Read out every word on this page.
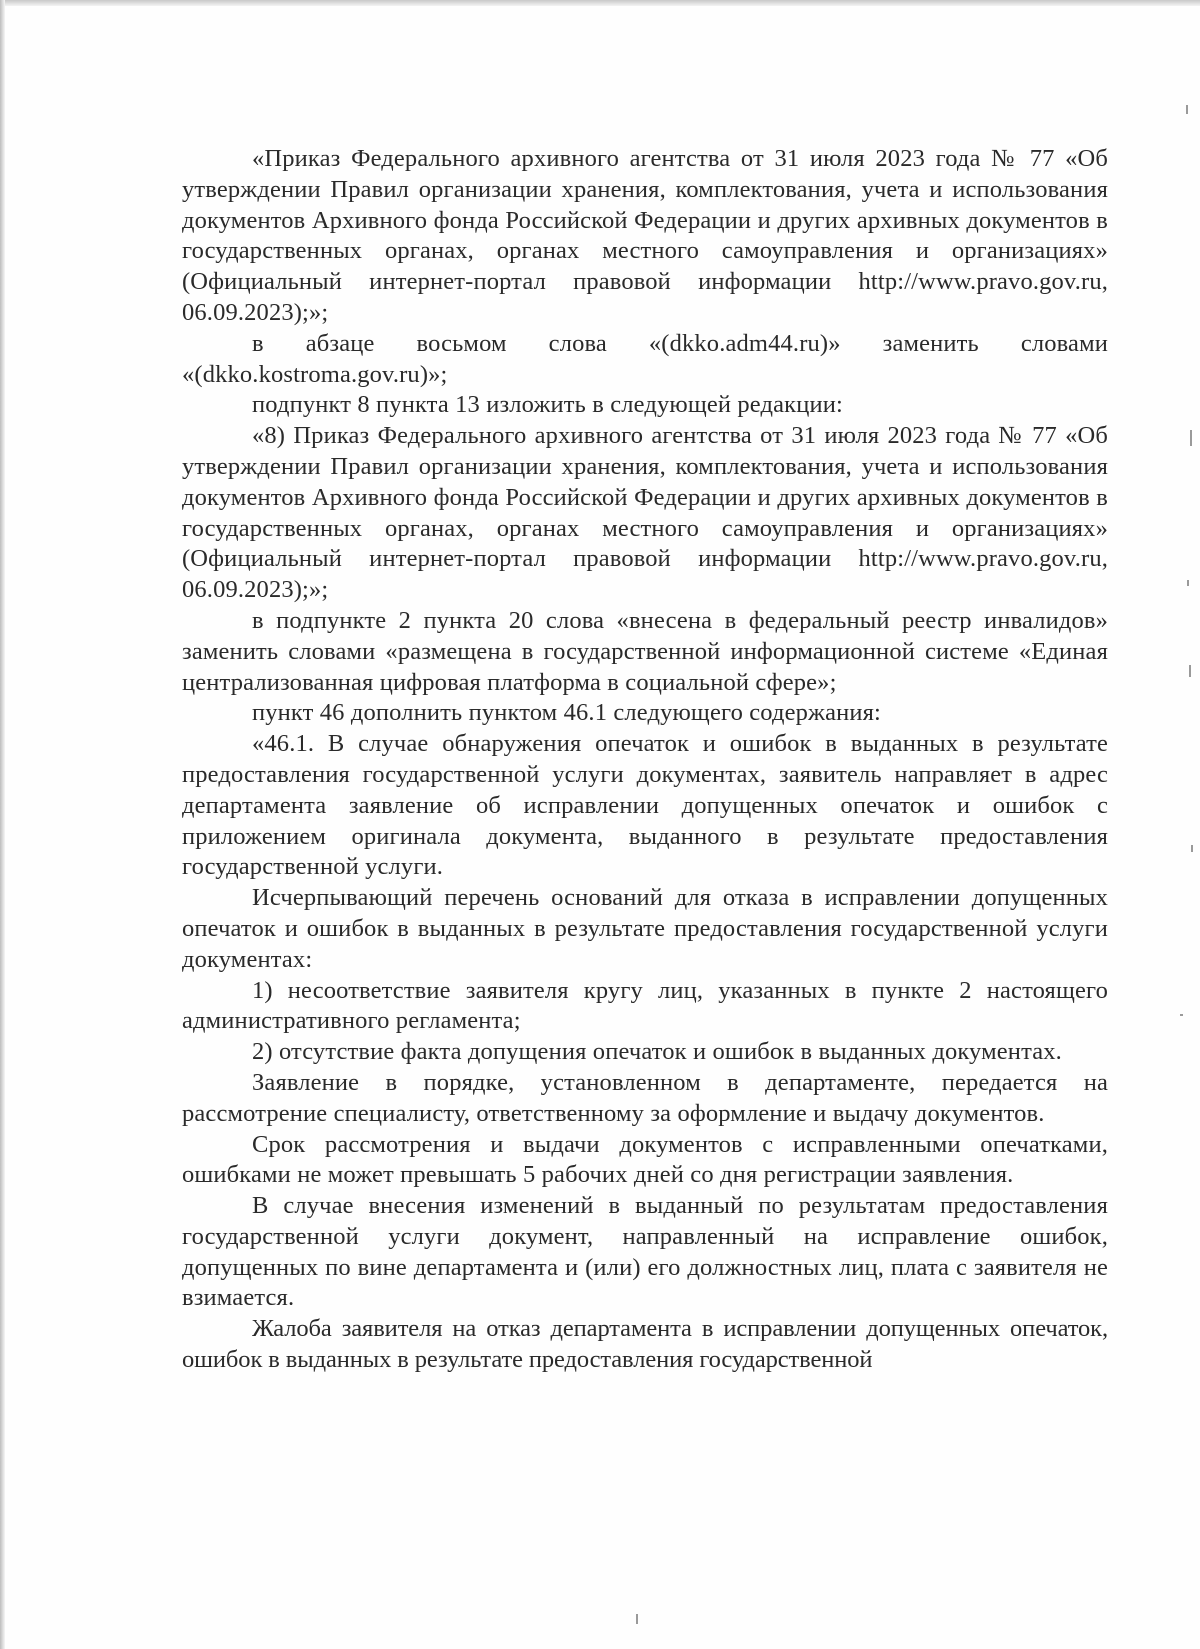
«Приказ Федерального архивного агентства от 31 июля 2023 года № 77 «Об утверждении Правил организации хранения, комплектования, учета и использования документов Архивного фонда Российской Федерации и других архивных документов в государственных органах, органах местного самоуправления и организациях» (Официальный интернет-портал правовой информации http://www.pravo.gov.ru, 06.09.2023);»;

в абзаце восьмом слова «(dkko.adm44.ru)» заменить словами «(dkko.kostroma.gov.ru)»;

подпункт 8 пункта 13 изложить в следующей редакции:

«8) Приказ Федерального архивного агентства от 31 июля 2023 года № 77 «Об утверждении Правил организации хранения, комплектования, учета и использования документов Архивного фонда Российской Федерации и других архивных документов в государственных органах, органах местного самоуправления и организациях» (Официальный интернет-портал правовой информации http://www.pravo.gov.ru, 06.09.2023);»;

в подпункте 2 пункта 20 слова «внесена в федеральный реестр инвалидов» заменить словами «размещена в государственной информационной системе «Единая централизованная цифровая платформа в социальной сфере»;

пункт 46 дополнить пунктом 46.1 следующего содержания:

«46.1. В случае обнаружения опечаток и ошибок в выданных в результате предоставления государственной услуги документах, заявитель направляет в адрес департамента заявление об исправлении допущенных опечаток и ошибок с приложением оригинала документа, выданного в результате предоставления государственной услуги.

Исчерпывающий перечень оснований для отказа в исправлении допущенных опечаток и ошибок в выданных в результате предоставления государственной услуги документах:

1) несоответствие заявителя кругу лиц, указанных в пункте 2 настоящего административного регламента;

2) отсутствие факта допущения опечаток и ошибок в выданных документах.

Заявление в порядке, установленном в департаменте, передается на рассмотрение специалисту, ответственному за оформление и выдачу документов.

Срок рассмотрения и выдачи документов с исправленными опечатками, ошибками не может превышать 5 рабочих дней со дня регистрации заявления.

В случае внесения изменений в выданный по результатам предоставления государственной услуги документ, направленный на исправление ошибок, допущенных по вине департамента и (или) его должностных лиц, плата с заявителя не взимается.

Жалоба заявителя на отказ департамента в исправлении допущенных опечаток, ошибок в выданных в результате предоставления государственной
